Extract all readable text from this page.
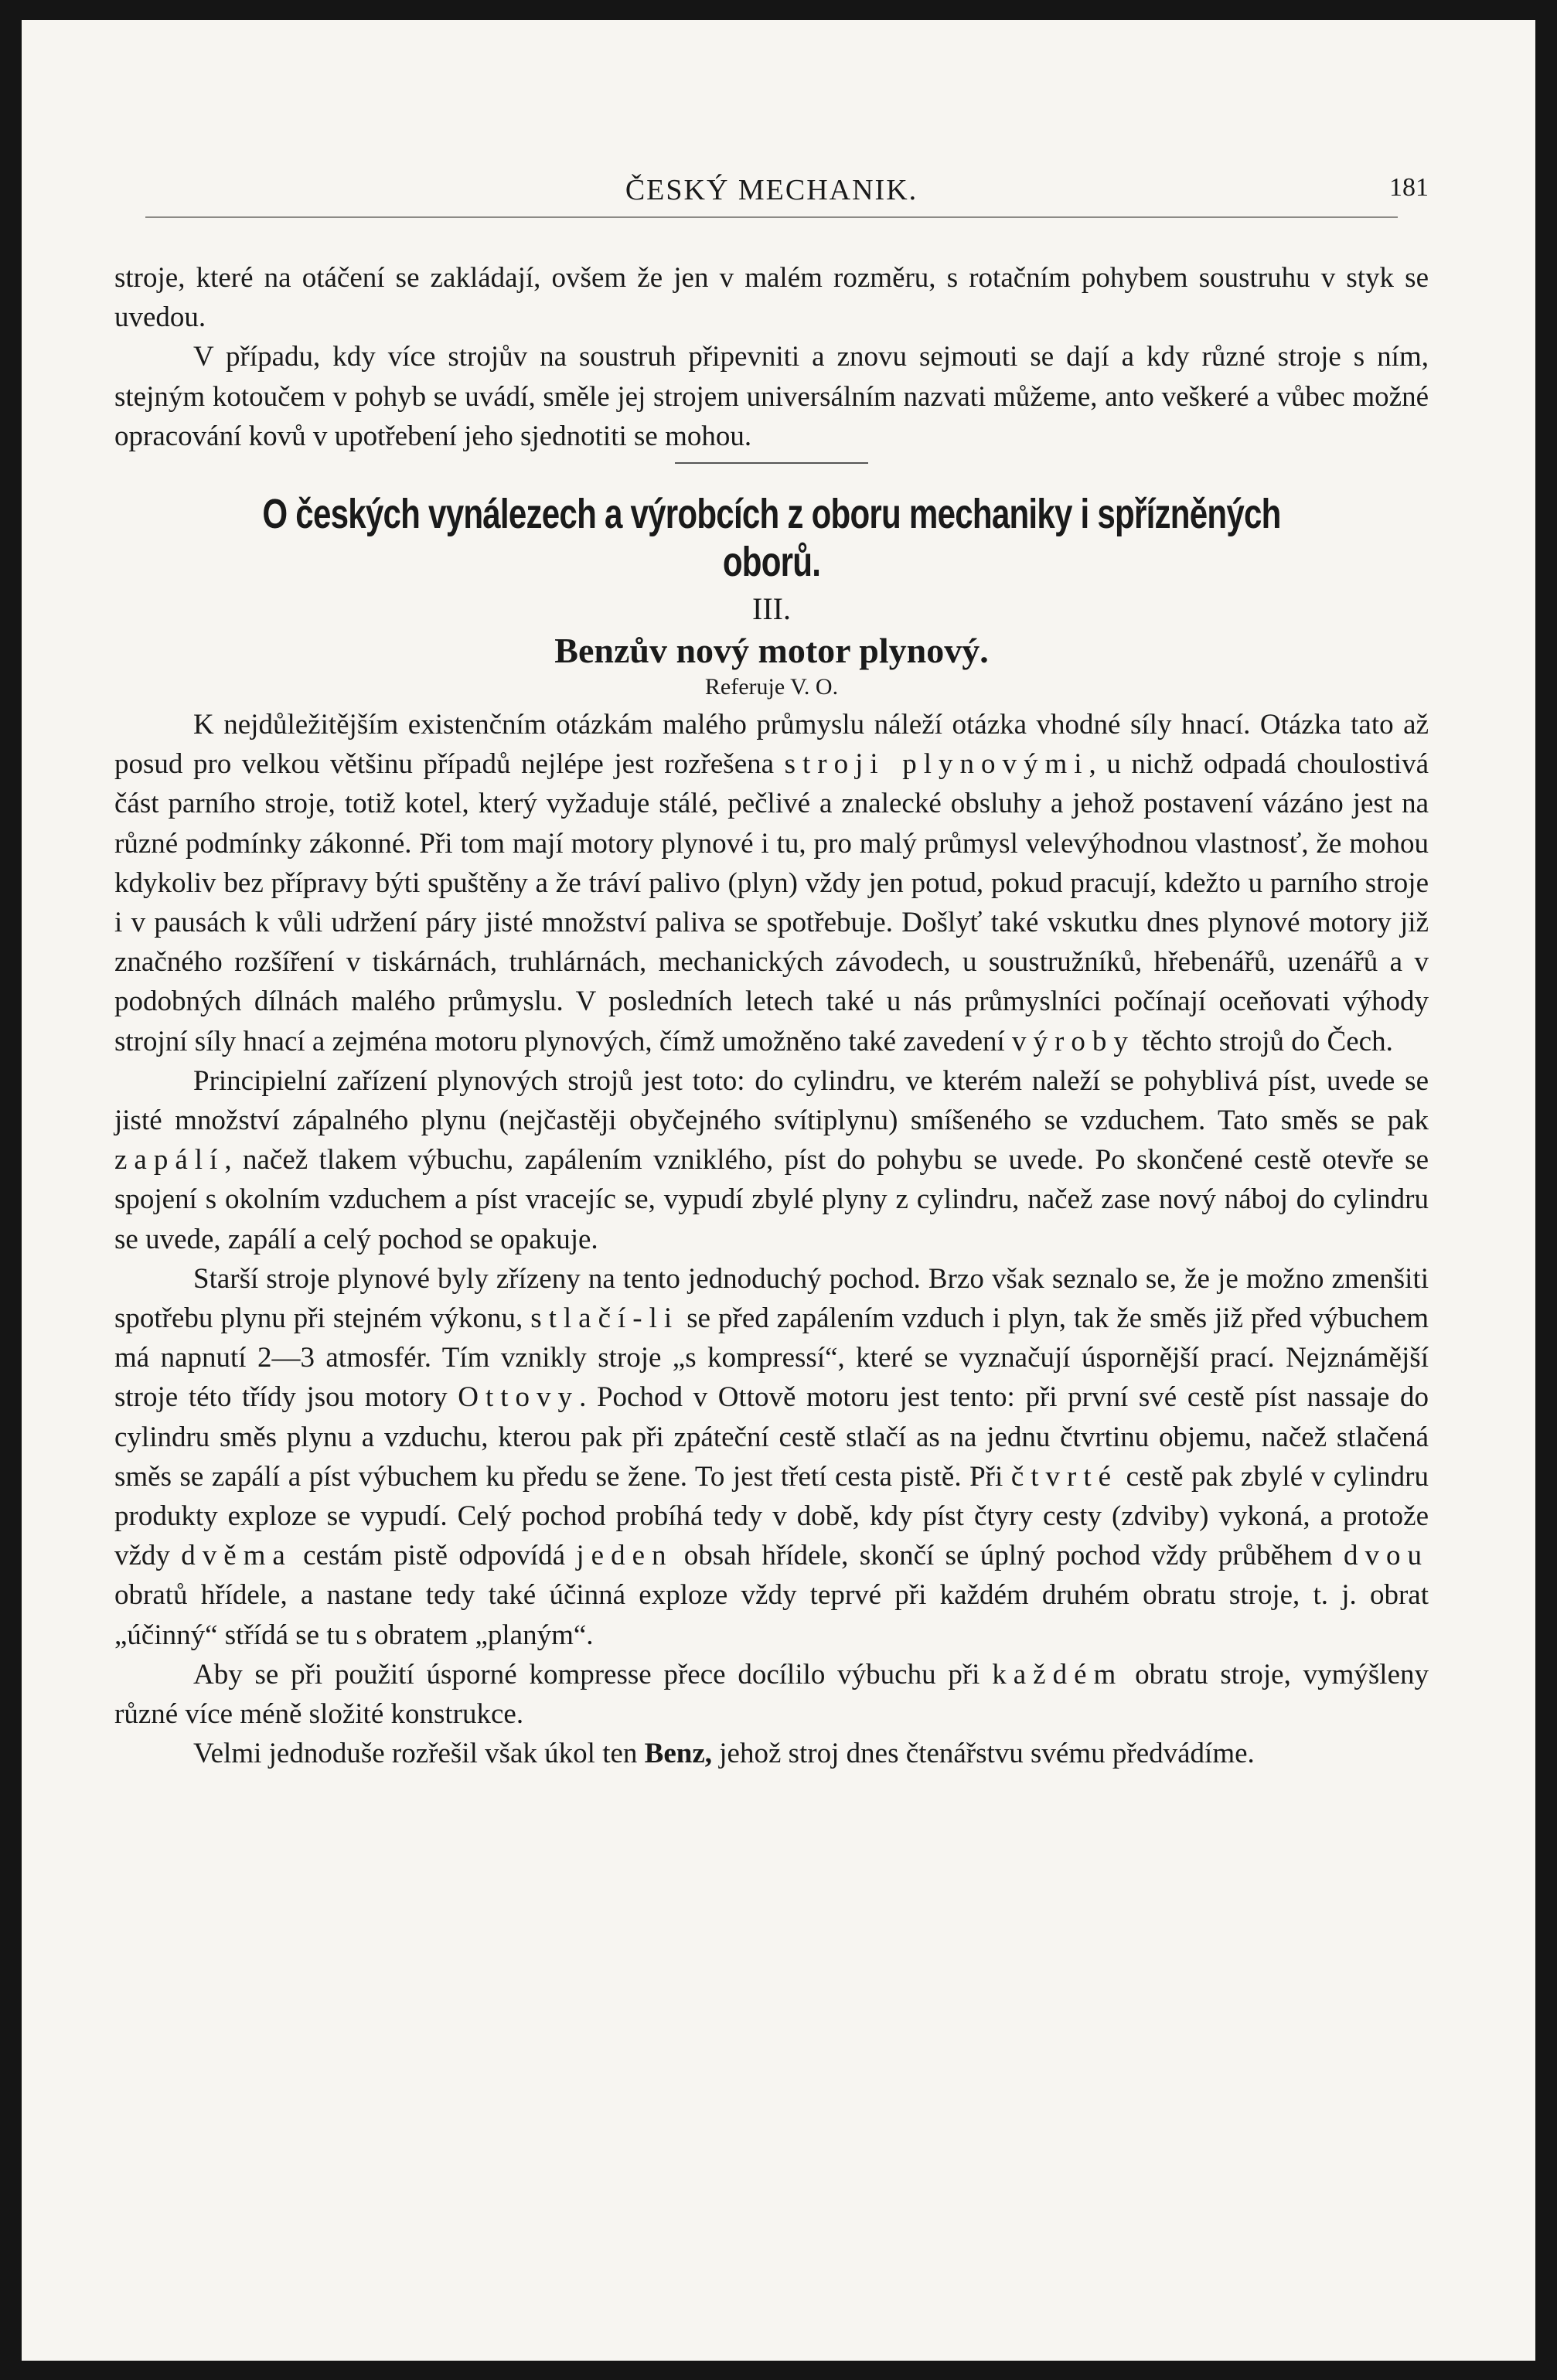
ČESKÝ MECHANIK.	181

stroje, které na otáčení se zakládají, ovšem že jen v malém rozměru, s rotačním pohybem soustruhu v styk se uvedou.

V případu, kdy více strojův na soustruh připevniti a znovu sejmouti se dají a kdy různé stroje s ním, stejným kotoučem v pohyb se uvádí, směle jej strojem universálním nazvati můžeme, anto veškeré a vůbec možné opracování kovů v upotřebení jeho sjednotiti se mohou.

O českých vynálezech a výrobcích z oboru mechaniky i spřízněných oborů.
III.
Benzův nový motor plynový.
Referuje V. O.

K nejdůležitějším existenčním otázkám malého průmyslu náleží otázka vhodné síly hnací. Otázka tato až posud pro velkou většinu případů nejlépe jest rozřešena stroji plynovými, u nichž odpadá choulostivá část parního stroje, totiž kotel, který vyžaduje stálé, pečlivé a znalecké obsluhy a jehož postavení vázáno jest na různé podmínky zákonné. Při tom mají motory plynové i tu, pro malý průmysl velevýhodnou vlastnosť, že mohou kdykoliv bez přípravy býti spuštěny a že tráví palivo (plyn) vždy jen potud, pokud pracují, kdežto u parního stroje i v pausách k vůli udržení páry jisté množství paliva se spotřebuje. Došlyť také vskutku dnes plynové motory již značného rozšíření v tiskárnách, truhlárnách, mechanických závodech, u soustružníků, hřebenářů, uzenářů a v podobných dílnách malého průmyslu. V posledních letech také u nás průmyslníci počínají oceňovati výhody strojní síly hnací a zejména motoru plynových, čímž umožněno také zavedení výroby těchto strojů do Čech.

Principielní zařízení plynových strojů jest toto: do cylindru, ve kterém naleží se pohyblivá píst, uvede se jisté množství zápalného plynu (nejčastěji obyčejného svítiplynu) smíšeného se vzduchem. Tato směs se pak zapálí, načež tlakem výbuchu, zapálením vzniklého, píst do pohybu se uvede. Po skončené cestě otevře se spojení s okolním vzduchem a píst vracejíc se, vypudí zbylé plyny z cylindru, načež zase nový náboj do cylindru se uvede, zapálí a celý pochod se opakuje.

Starší stroje plynové byly zřízeny na tento jednoduchý pochod. Brzo však seznalo se, že je možno zmenšiti spotřebu plynu při stejném výkonu, stlačí-li se před zapálením vzduch i plyn, tak že směs již před výbuchem má napnutí 2—3 atmosfér. Tím vznikly stroje „s kompressí“, které se vyznačují úspornější prací. Nejznámější stroje této třídy jsou motory Ottovy. Pochod v Ottově motoru jest tento: při první své cestě píst nassaje do cylindru směs plynu a vzduchu, kterou pak při zpáteční cestě stlačí as na jednu čtvrtinu objemu, načež stlačená směs se zapálí a píst výbuchem ku předu se žene. To jest třetí cesta pistě. Při čtvrté cestě pak zbylé v cylindru produkty exploze se vypudí. Celý pochod probíhá tedy v době, kdy píst čtyry cesty (zdviby) vykoná, a protože vždy dvěma cestám pistě odpovídá jeden obsah hřídele, skončí se úplný pochod vždy průběhem dvou obratů hřídele, a nastane tedy také účinná exploze vždy teprvé při každém druhém obratu stroje, t. j. obrat „účinný“ střídá se tu s obratem „planým“.

Aby se při použití úsporné kompresse přece docílilo výbuchu při každém obratu stroje, vymýšleny různé více méně složité konstrukce.

Velmi jednoduše rozřešil však úkol ten Benz, jehož stroj dnes čtenářstvu svému předvádíme.
